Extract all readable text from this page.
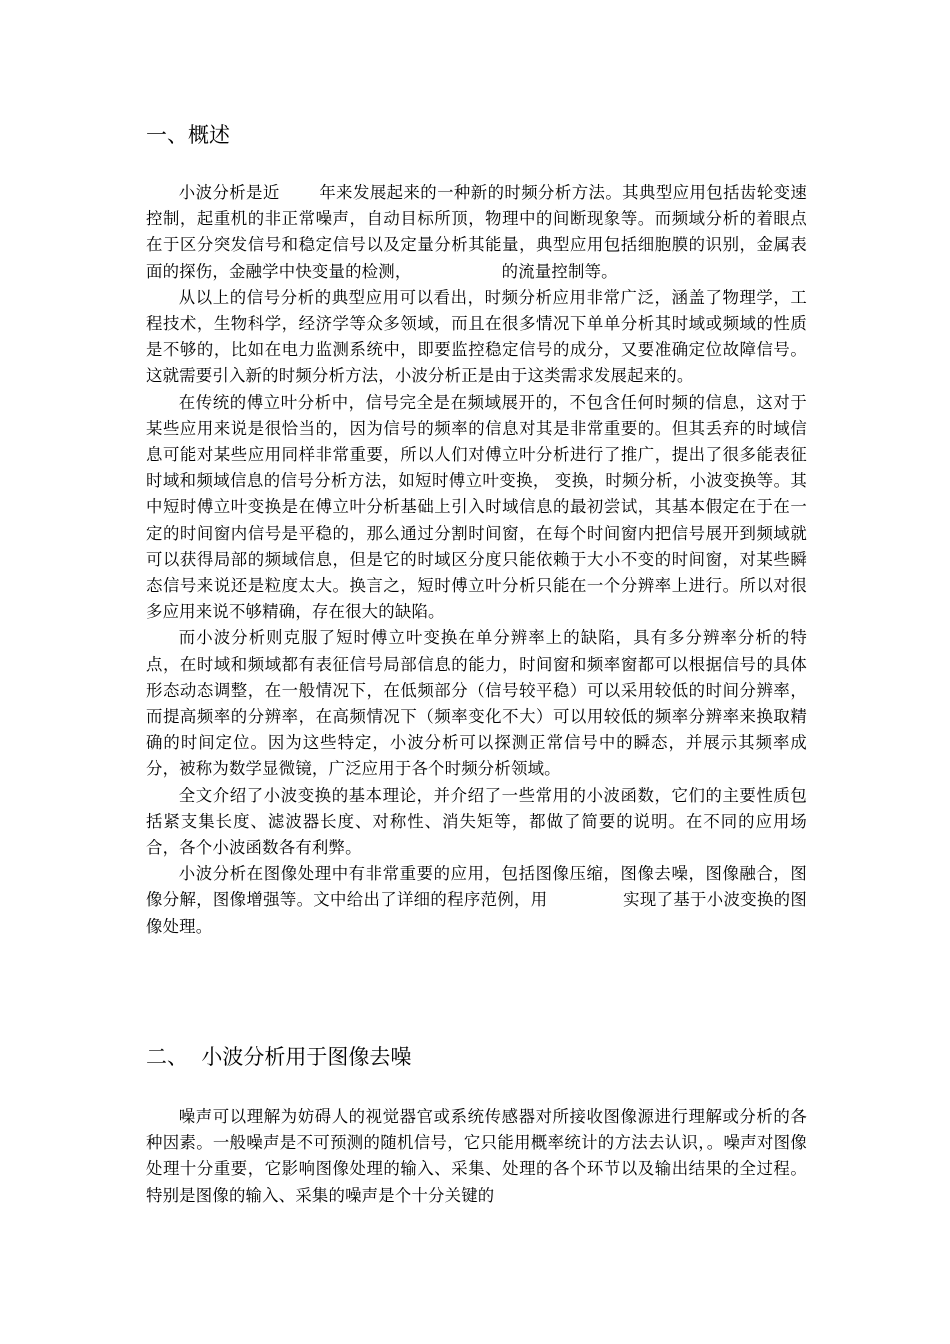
一、概述

小波分析是近 年来发展起来的一种新的时频分析方法。其典型应用包括齿轮变速控制，起重机的非正常噪声，自动目标所顶，物理中的间断现象等。而频域分析的着眼点在于区分突发信号和稳定信号以及定量分析其能量，典型应用包括细胞膜的识别，金属表面的探伤，金融学中快变量的检测，	的流量控制等。

从以上的信号分析的典型应用可以看出，时频分析应用非常广泛，涵盖了物理学，工程技术，生物科学，经济学等众多领域，而且在很多情况下单单分析其时域或频域的性质是不够的，比如在电力监测系统中，即要监控稳定信号的成分，又要准确定位故障信号。这就需要引入新的时频分析方法，小波分析正是由于这类需求发展起来的。

在传统的傅立叶分析中，信号完全是在频域展开的，不包含任何时频的信息，这对于某些应用来说是很恰当的，因为信号的频率的信息对其是非常重要的。但其丢弃的时域信息可能对某些应用同样非常重要，所以人们对傅立叶分析进行了推广，提出了很多能表征时域和频域信息的信号分析方法，如短时傅立叶变换， 变换，时频分析，小波变换等。其中短时傅立叶变换是在傅立叶分析基础上引入时域信息的最初尝试，其基本假定在于在一定的时间窗内信号是平稳的，那么通过分割时间窗，在每个时间窗内把信号展开到频域就可以获得局部的频域信息，但是它的时域区分度只能依赖于大小不变的时间窗，对某些瞬态信号来说还是粒度太大。换言之，短时傅立叶分析只能在一个分辨率上进行。所以对很多应用来说不够精确，存在很大的缺陷。

而小波分析则克服了短时傅立叶变换在单分辨率上的缺陷，具有多分辨率分析的特点，在时域和频域都有表征信号局部信息的能力，时间窗和频率窗都可以根据信号的具体形态动态调整，在一般情况下，在低频部分（信号较平稳）可以采用较低的时间分辨率，而提高频率的分辨率，在高频情况下（频率变化不大）可以用较低的频率分辨率来换取精确的时间定位。因为这些特定，小波分析可以探测正常信号中的瞬态，并展示其频率成分，被称为数学显微镜，广泛应用于各个时频分析领域。

全文介绍了小波变换的基本理论，并介绍了一些常用的小波函数，它们的主要性质包括紧支集长度、滤波器长度、对称性、消失矩等，都做了简要的说明。在不同的应用场合，各个小波函数各有利弊。

小波分析在图像处理中有非常重要的应用，包括图像压缩，图像去噪，图像融合，图像分解，图像增强等。文中给出了详细的程序范例，用	实现了基于小波变换的图像处理。

二、  小波分析用于图像去噪

噪声可以理解为妨碍人的视觉器官或系统传感器对所接收图像源进行理解或分析的各种因素。一般噪声是不可预测的随机信号，它只能用概率统计的方法去认识，。噪声对图像处理十分重要，它影响图像处理的输入、采集、处理的各个环节以及输出结果的全过程。特别是图像的输入、采集的噪声是个十分关键的
